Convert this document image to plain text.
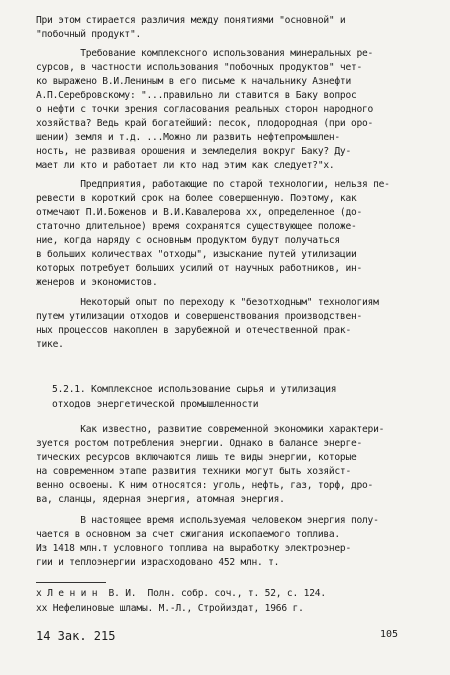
При этом стирается различия между понятиями "основной" и
"побочный продукт".
Требование комплексного использования минеральных ре-
сурсов, в частности использования "побочных продуктов" чет-
ко выражено В.И.Лениным в его письме к начальнику Азнефти
А.П.Серебровскому: "...правильно ли ставится в Баку вопрос
о нефти с точки зрения согласования реальных сторон народного
хозяйства? Ведь край богатейший: песок, плодородная (при оро-
шении) земля и т.д. ...Можно ли развить нефтепромышлен-
ность, не развивая орошения и земледелия вокруг Баку? Ду-
мает ли кто и работает ли кто над этим как следует?"х.
Предприятия, работающие по старой технологии, нельзя пе-
ревести в короткий срок на более совершенную. Поэтому, как
отмечают П.И.Боженов и В.И.Кавалерова хх, определенное (до-
статочно длительное) время сохранятся существующее положе-
ние, когда наряду с основным продуктом будут получаться
в больших количествах "отходы", изыскание путей утилизации
которых потребует больших усилий от научных работников, ин-
женеров и экономистов.
Некоторый опыт по переходу к "безотходным" технологиям
путем утилизации отходов и совершенствования производствен-
ных процессов накоплен в зарубежной и отечественной прак-
тике.
5.2.1. Комплексное использование сырья и утилизация
отходов энергетической промышленности
Как известно, развитие современной экономики характери-
зуется ростом потребления энергии. Однако в балансе энерге-
тических ресурсов включаются лишь те виды энергии, которые
на современном этапе развития техники могут быть хозяйст-
венно освоены. К ним относятся: уголь, нефть, газ, торф, дро-
ва, сланцы, ядерная энергия, атомная энергия.
В настоящее время используемая человеком энергия полу-
чается в основном за счет сжигания ископаемого топлива.
Из 1418 млн.т условного топлива на выработку электроэнер-
гии и теплоэнергии израсходовано 452 млн. т.
х Л е н и н  В. И.  Полн. собр. соч., т. 52, с. 124.
хх Нефелиновые шламы. М.-Л., Стройиздат, 1966 г.
14 Зак. 215	105
